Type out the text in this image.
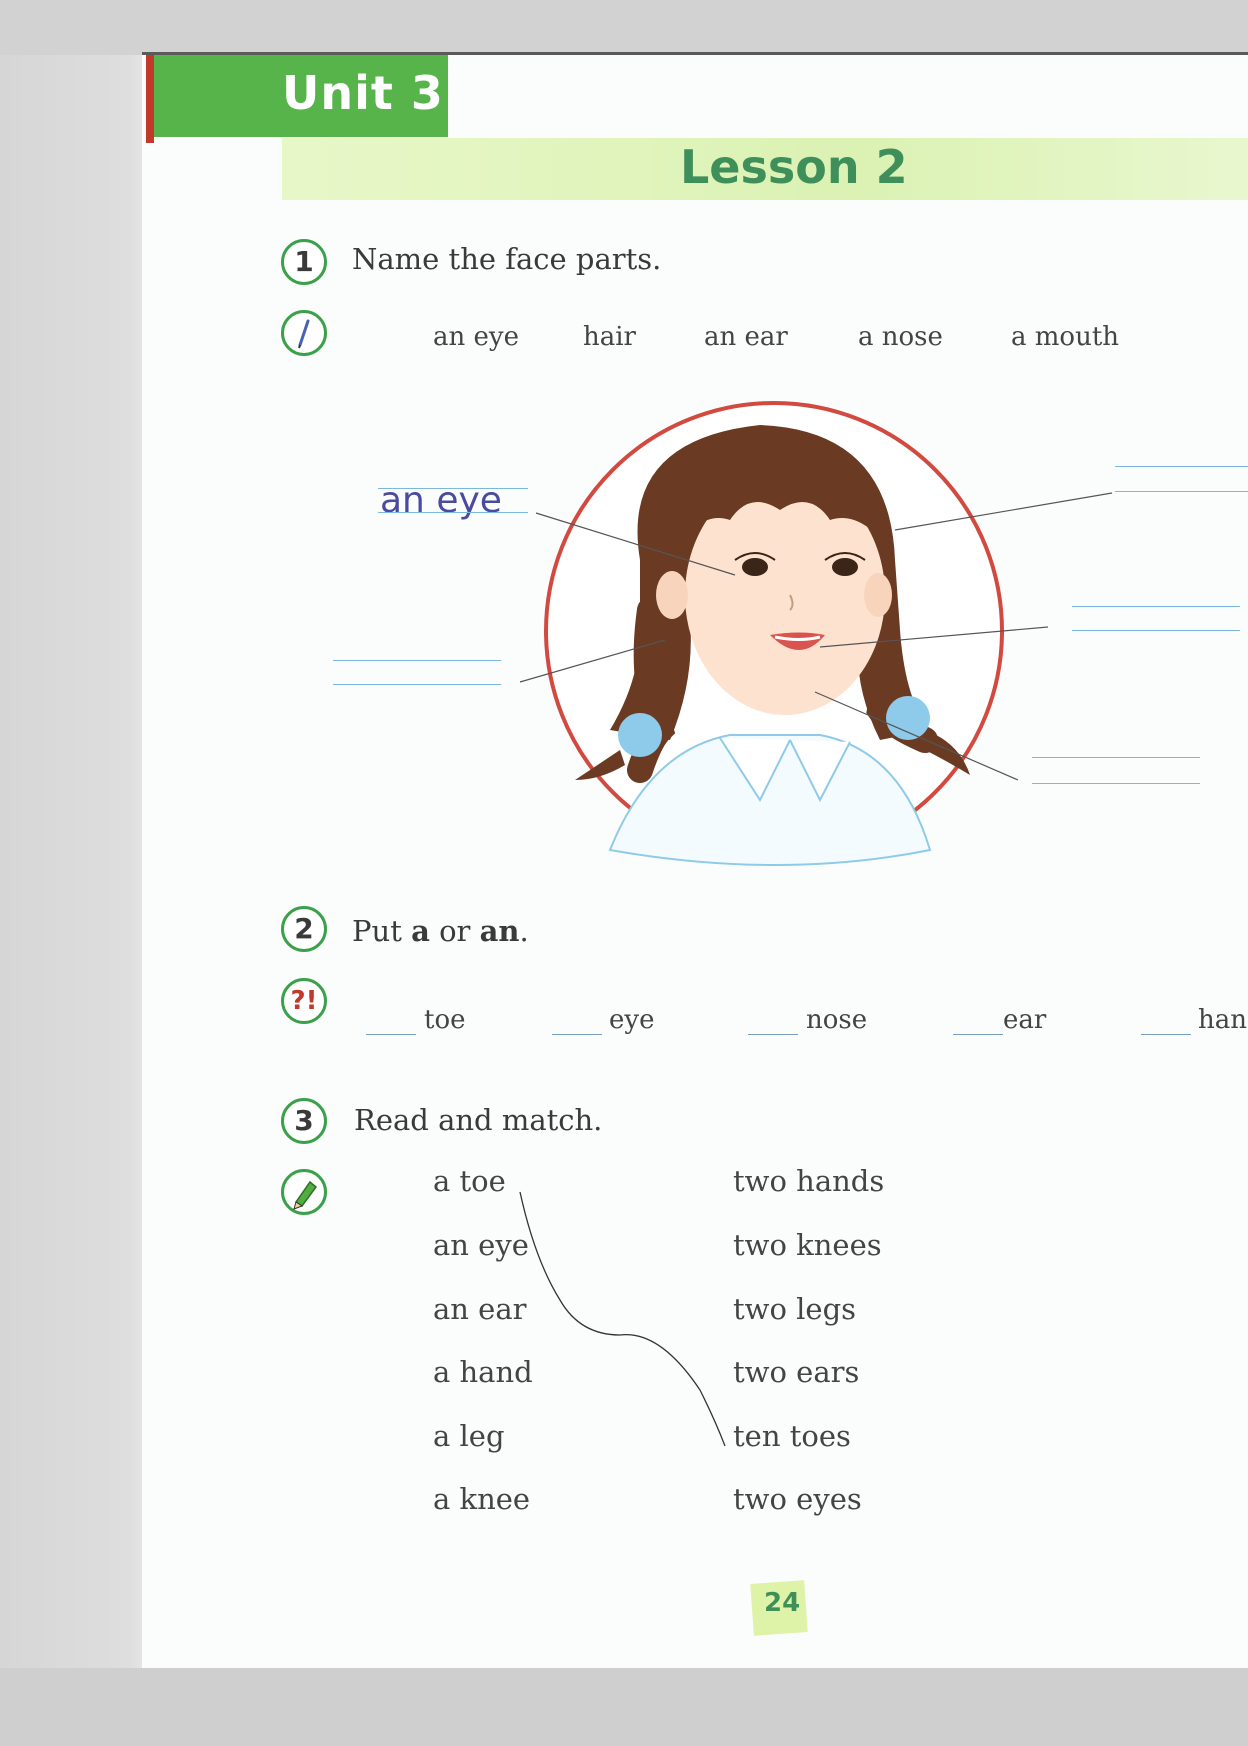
Unit 3
Lesson 2
1	Name the face parts.
an eye hair	an ear	a nose	a mouth
an eye
2	Put a or an.
?!
toe	eye	nose	ear	han
3	Read and match.
a toe
an eye
an ear
a hand
a leg
a knee
two hands
two knees
two legs
two ears
ten toes
two eyes
24
